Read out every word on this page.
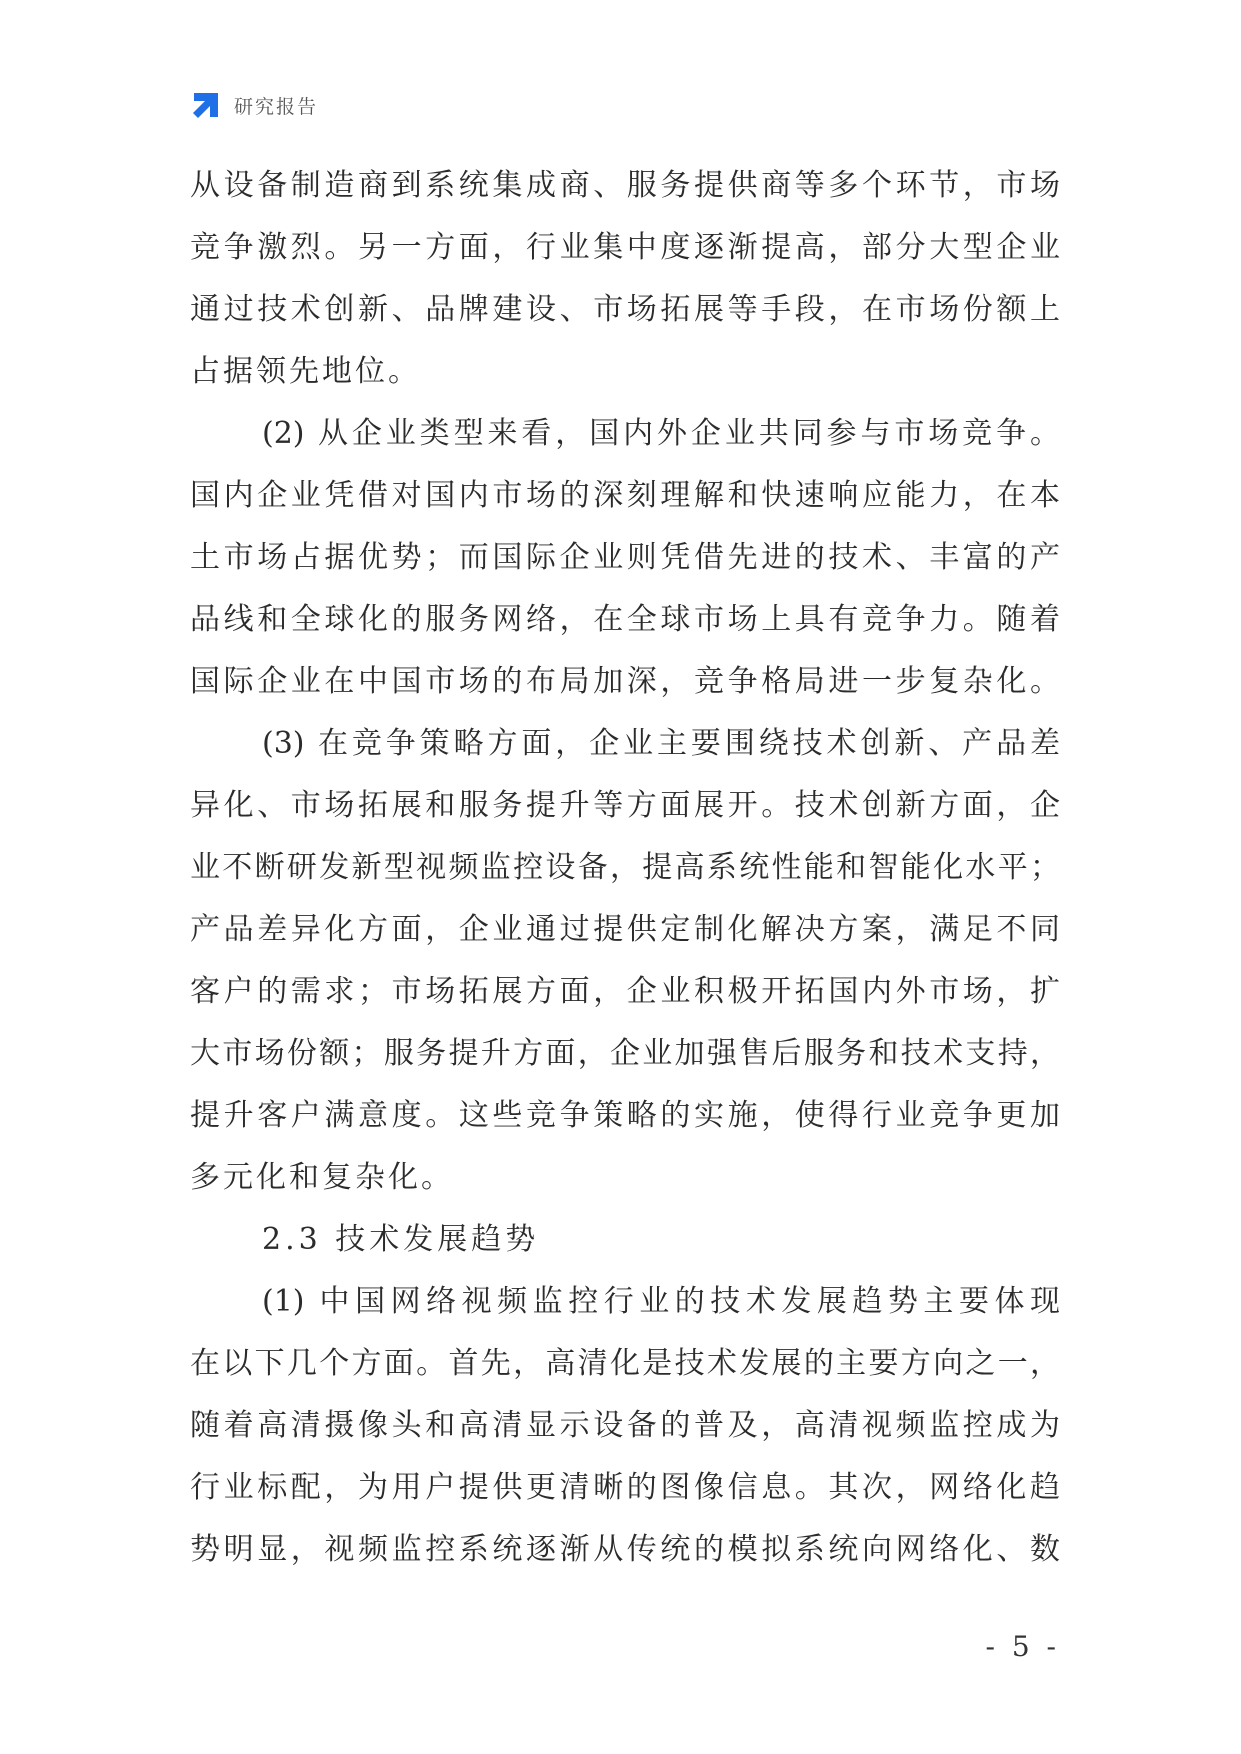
研究报告
从设备制造商到系统集成商、服务提供商等多个环节，市场
竞争激烈。另一方面，行业集中度逐渐提高，部分大型企业
通过技术创新、品牌建设、市场拓展等手段，在市场份额上
占据领先地位。
(2) 从企业类型来看，国内外企业共同参与市场竞争。
国内企业凭借对国内市场的深刻理解和快速响应能力，在本
土市场占据优势；而国际企业则凭借先进的技术、丰富的产
品线和全球化的服务网络，在全球市场上具有竞争力。随着
国际企业在中国市场的布局加深，竞争格局进一步复杂化。
(3) 在竞争策略方面，企业主要围绕技术创新、产品差
异化、市场拓展和服务提升等方面展开。技术创新方面，企
业不断研发新型视频监控设备，提高系统性能和智能化水平；
产品差异化方面，企业通过提供定制化解决方案，满足不同
客户的需求；市场拓展方面，企业积极开拓国内外市场，扩
大市场份额；服务提升方面，企业加强售后服务和技术支持，
提升客户满意度。这些竞争策略的实施，使得行业竞争更加
多元化和复杂化。
2.3 技术发展趋势
(1) 中国网络视频监控行业的技术发展趋势主要体现
在以下几个方面。首先，高清化是技术发展的主要方向之一，
随着高清摄像头和高清显示设备的普及，高清视频监控成为
行业标配，为用户提供更清晰的图像信息。其次，网络化趋
势明显，视频监控系统逐渐从传统的模拟系统向网络化、数
- 5 -
